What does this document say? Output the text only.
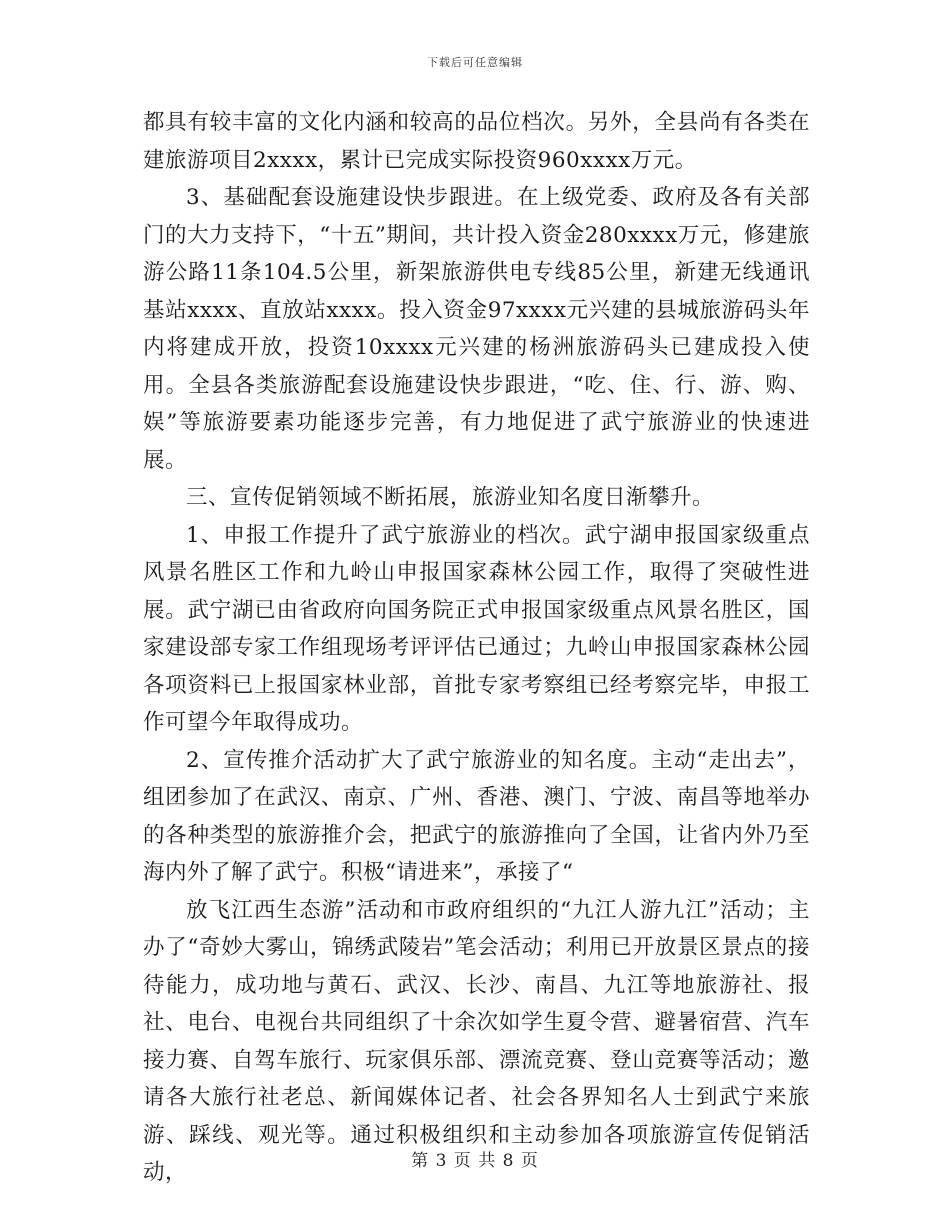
下载后可任意编辑

都具有较丰富的文化内涵和较高的品位档次。另外，全县尚有各类在建旅游项目2xxxx，累计已完成实际投资960xxxx万元。

3、基础配套设施建设快步跟进。在上级党委、政府及各有关部门的大力支持下，“十五”期间，共计投入资金280xxxx万元，修建旅游公路11条104.5公里，新架旅游供电专线85公里，新建无线通讯基站xxxx、直放站xxxx。投入资金97xxxx元兴建的县城旅游码头年内将建成开放，投资10xxxx元兴建的杨洲旅游码头已建成投入使用。全县各类旅游配套设施建设快步跟进，“吃、住、行、游、购、娱”等旅游要素功能逐步完善，有力地促进了武宁旅游业的快速进展。

三、宣传促销领域不断拓展，旅游业知名度日渐攀升。

1、申报工作提升了武宁旅游业的档次。武宁湖申报国家级重点风景名胜区工作和九岭山申报国家森林公园工作，取得了突破性进展。武宁湖已由省政府向国务院正式申报国家级重点风景名胜区，国家建设部专家工作组现场考评评估已通过；九岭山申报国家森林公园各项资料已上报国家林业部，首批专家考察组已经考察完毕，申报工作可望今年取得成功。

2、宣传推介活动扩大了武宁旅游业的知名度。主动“走出去”，组团参加了在武汉、南京、广州、香港、澳门、宁波、南昌等地举办的各种类型的旅游推介会，把武宁的旅游推向了全国，让省内外乃至海内外了解了武宁。积极“请进来”，承接了“

放飞江西生态游”活动和市政府组织的“九江人游九江”活动；主办了“奇妙大雾山，锦绣武陵岩”笔会活动；利用已开放景区景点的接待能力，成功地与黄石、武汉、长沙、南昌、九江等地旅游社、报社、电台、电视台共同组织了十余次如学生夏令营、避暑宿营、汽车接力赛、自驾车旅行、玩家俱乐部、漂流竞赛、登山竞赛等活动；邀请各大旅行社老总、新闻媒体记者、社会各界知名人士到武宁来旅游、踩线、观光等。通过积极组织和主动参加各项旅游宣传促销活动，	第 3 页 共 8 页
